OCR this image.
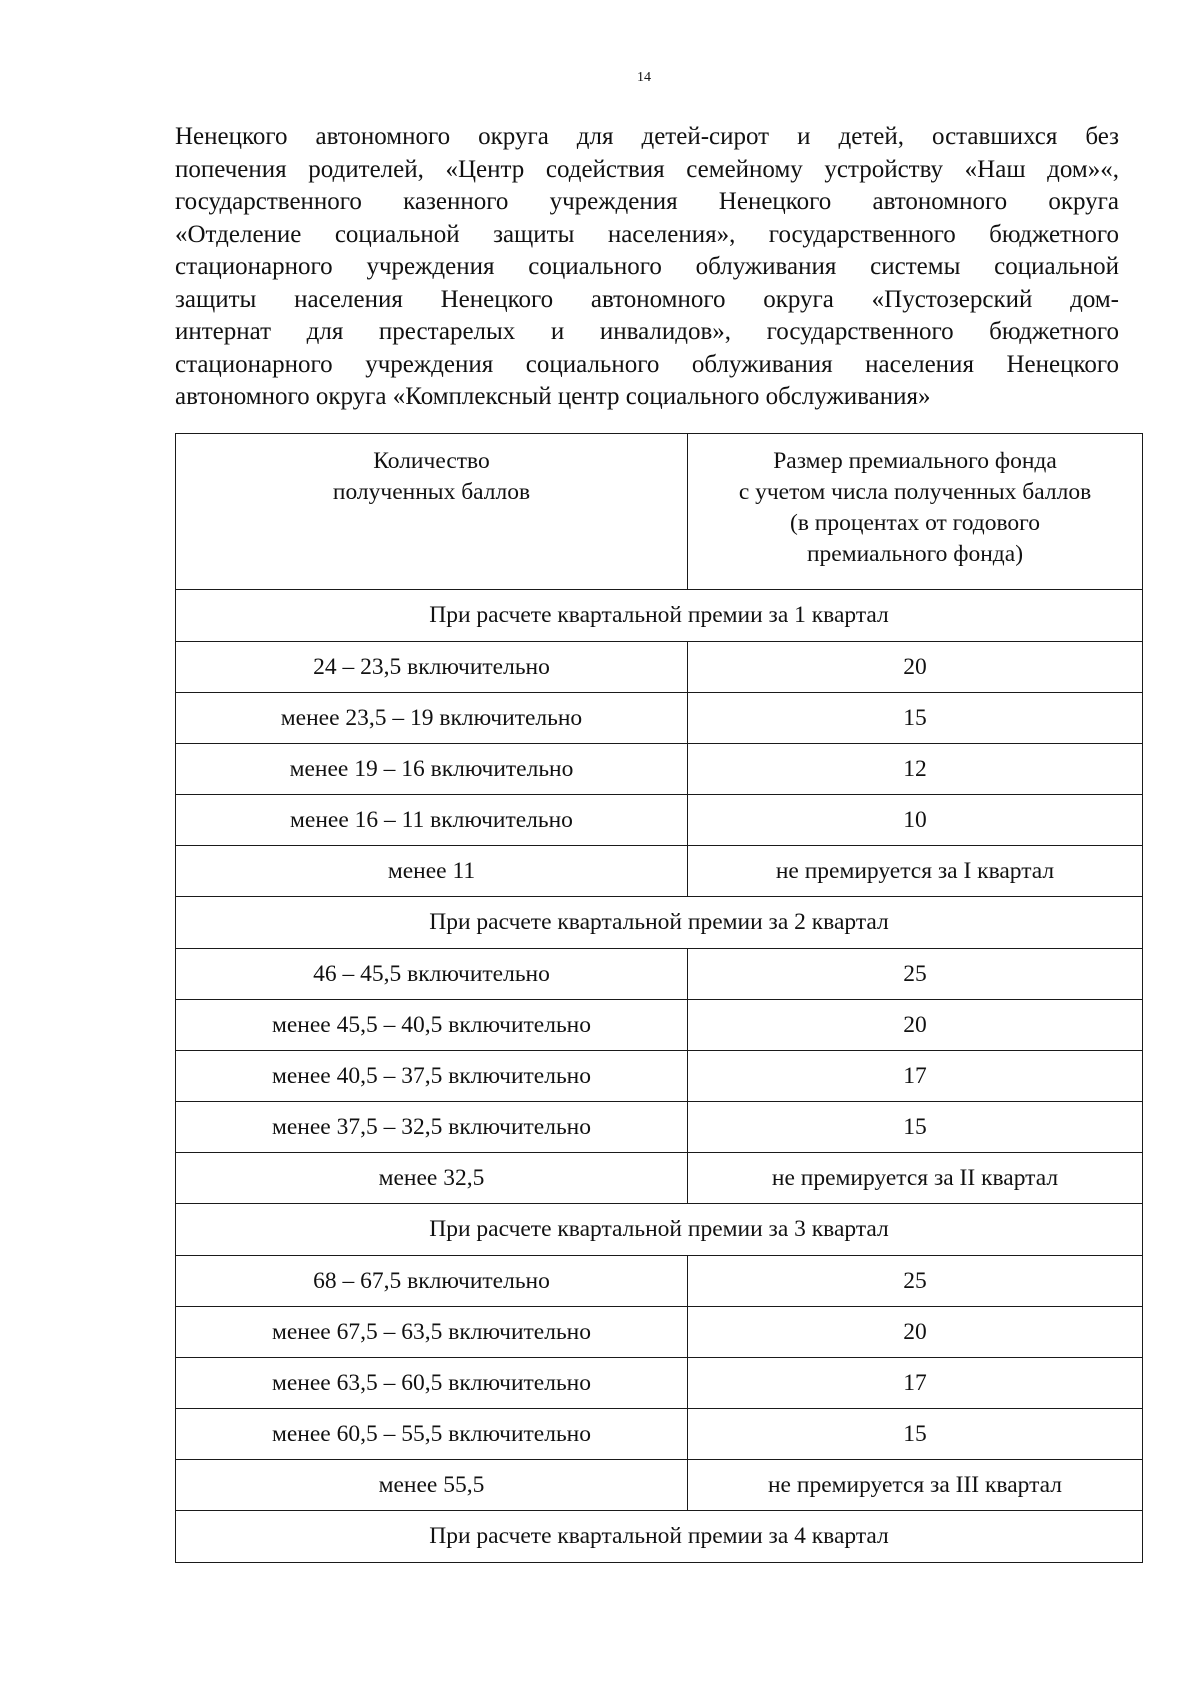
14

Ненецкого автономного округа для детей-сирот и детей, оставшихся без
попечения родителей, «Центр содействия семейному устройству «Наш дом»«,
государственного казенного учреждения Ненецкого автономного округа
«Отделение социальной защиты населения», государственного бюджетного
стационарного учреждения социального облуживания системы социальной
защиты населения Ненецкого автономного округа «Пустозерский дом-
интернат для престарелых и инвалидов», государственного бюджетного
стационарного учреждения социального облуживания населения Ненецкого
автономного округа «Комплексный центр социального обслуживания»

Количество
полученных баллов	Размер премиального фонда
с учетом числа полученных баллов
(в процентах от годового
премиального фонда)

При расчете квартальной премии за 1 квартал	
24 – 23,5 включительно	20
менее 23,5 – 19 включительно	15
менее 19 – 16 включительно	12
менее 16 – 11 включительно	10
менее 11	не премируется за I квартал
При расчете квартальной премии за 2 квартал	
46 – 45,5 включительно	25
менее 45,5 – 40,5 включительно	20
менее 40,5 – 37,5 включительно	17
менее 37,5 – 32,5 включительно	15
менее 32,5	не премируется за II квартал
При расчете квартальной премии за 3 квартал	
68 – 67,5 включительно	25
менее 67,5 – 63,5 включительно	20
менее 63,5 – 60,5 включительно	17
менее 60,5 – 55,5 включительно	15
менее 55,5	не премируется за III квартал
При расчете квартальной премии за 4 квартал	
